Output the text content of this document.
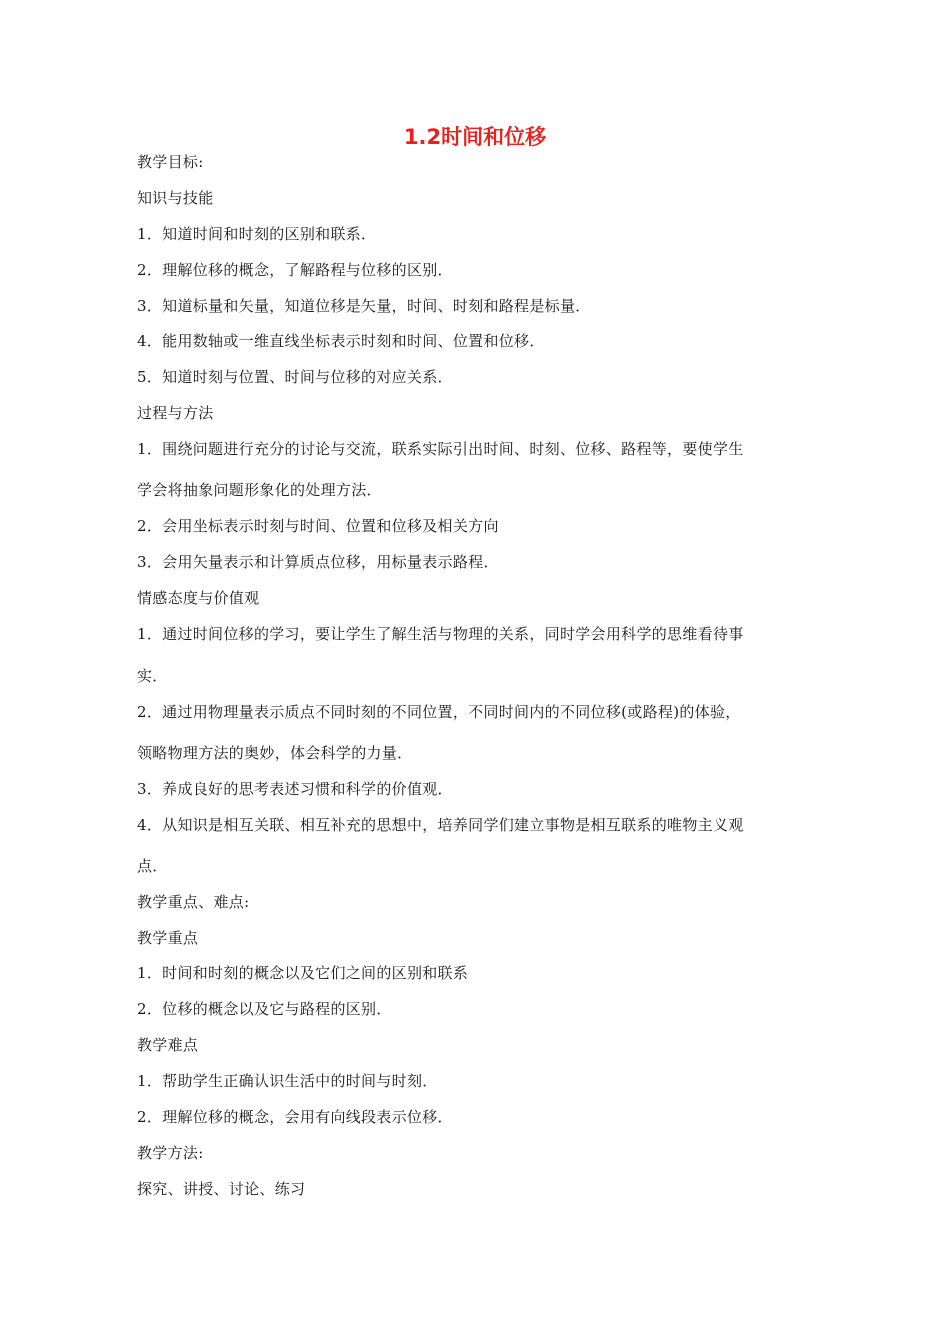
1.2时间和位移
教学目标:
知识与技能
1．知道时间和时刻的区别和联系．
2．理解位移的概念，了解路程与位移的区别．
3．知道标量和矢量，知道位移是矢量，时间、时刻和路程是标量．
4．能用数轴或一维直线坐标表示时刻和时间、位置和位移．
5．知道时刻与位置、时间与位移的对应关系．
过程与方法
1．围绕问题进行充分的讨论与交流，联系实际引出时间、时刻、位移、路程等，要使学生
学会将抽象问题形象化的处理方法．
2．会用坐标表示时刻与时间、位置和位移及相关方向
3．会用矢量表示和计算质点位移，用标量表示路程．
情感态度与价值观
1．通过时间位移的学习，要让学生了解生活与物理的关系，同时学会用科学的思维看待事
实．
2．通过用物理量表示质点不同时刻的不同位置，不同时间内的不同位移(或路程)的体验，
领略物理方法的奥妙，体会科学的力量．
3．养成良好的思考表述习惯和科学的价值观．
4．从知识是相互关联、相互补充的思想中，培养同学们建立事物是相互联系的唯物主义观
点．
教学重点、难点:
教学重点
1．时间和时刻的概念以及它们之间的区别和联系
2．位移的概念以及它与路程的区别．
教学难点
1．帮助学生正确认识生活中的时间与时刻．
2．理解位移的概念，会用有向线段表示位移．
教学方法:
探究、讲授、讨论、练习
